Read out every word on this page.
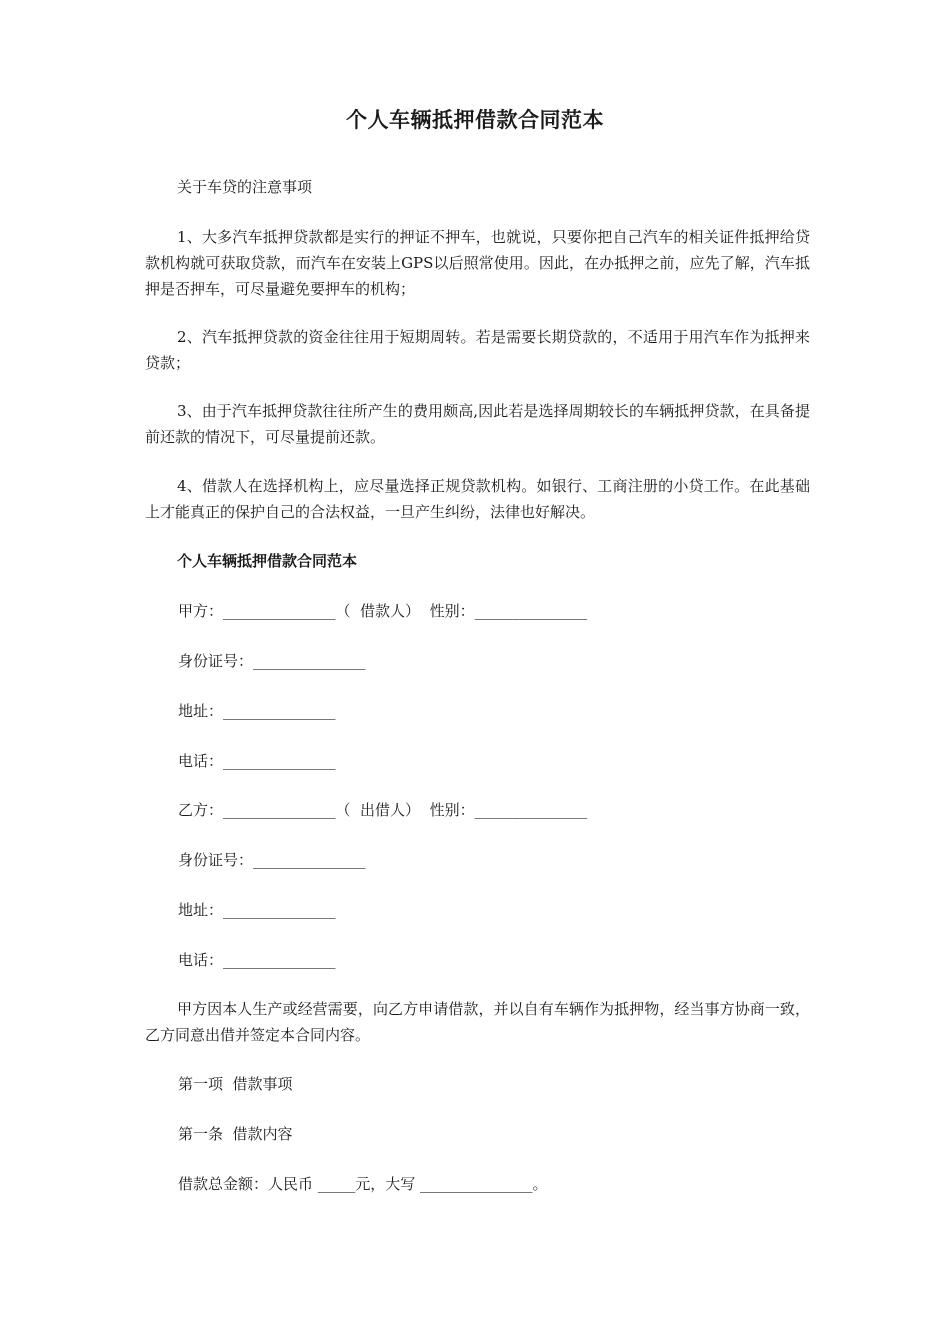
个人车辆抵押借款合同范本
关于车贷的注意事项
1、大多汽车抵押贷款都是实行的押证不押车，也就说，只要你把自己汽车的相关证件抵押给贷款机构就可获取贷款，而汽车在安装上GPS以后照常使用。因此，在办抵押之前，应先了解，汽车抵押是否押车，可尽量避免要押车的机构；
2、汽车抵押贷款的资金往往用于短期周转。若是需要长期贷款的，不适用于用汽车作为抵押来贷款；
3、由于汽车抵押贷款往往所产生的费用颇高,因此若是选择周期较长的车辆抵押贷款，在具备提前还款的情况下，可尽量提前还款。
4、借款人在选择机构上，应尽量选择正规贷款机构。如银行、工商注册的小贷工作。在此基础上才能真正的保护自己的合法权益，一旦产生纠纷，法律也好解决。
个人车辆抵押借款合同范本
甲方：_______________（  借款人）  性别：_______________
身份证号：_______________
地址：_______________
电话：_______________
乙方：_______________（  出借人）  性别：_______________
身份证号：_______________
地址：_______________
电话：_______________
甲方因本人生产或经营需要，向乙方申请借款，并以自有车辆作为抵押物，经当事方协商一致，乙方同意出借并签定本合同内容。
第一项  借款事项
第一条  借款内容
借款总金额：人民币 _____元，大写 _______________。
